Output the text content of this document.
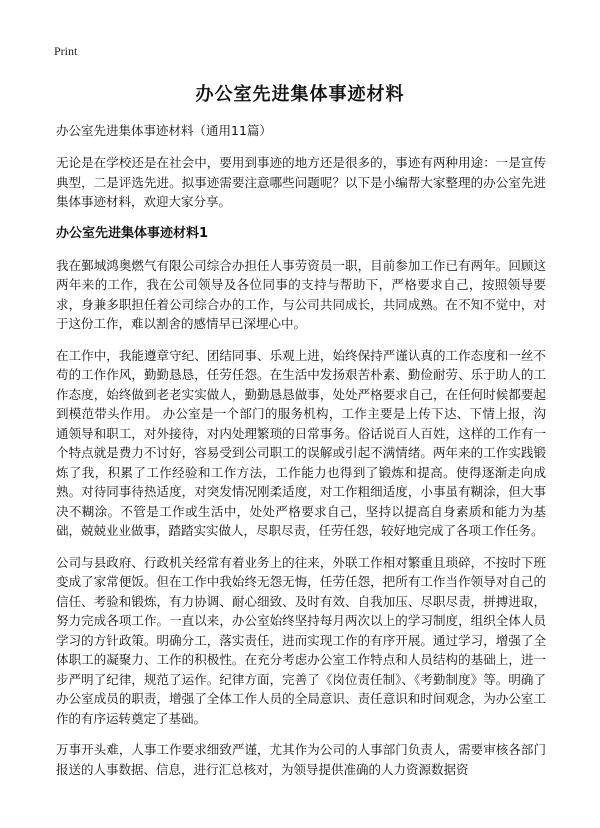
Print
办公室先进集体事迹材料

办公室先进集体事迹材料（通用11篇）

无论是在学校还是在社会中，要用到事迹的地方还是很多的，事迹有两种用途：一是宣传典型，二是评选先进。拟事迹需要注意哪些问题呢？以下是小编帮大家整理的办公室先进集体事迹材料，欢迎大家分享。

办公室先进集体事迹材料1

我在鄞城鸿奥燃气有限公司综合办担任人事劳资员一职，目前参加工作已有两年。回顾这两年来的工作，我在公司领导及各位同事的支持与帮助下，严格要求自己，按照领导要求，身兼多职担任着公司综合办的工作，与公司共同成长，共同成熟。在不知不觉中，对于这份工作，难以割舍的感情早已深埋心中。

在工作中，我能遵章守纪、团结同事、乐观上进，始终保持严谨认真的工作态度和一丝不苟的工作作风，勤勤恳恳，任劳任怨。在生活中发扬艰苦朴素、勤俭耐劳、乐于助人的工作态度，始终做到老老实实做人，勤勤恳恳做事，处处严格要求自己，在任何时候都要起到模范带头作用。 办公室是一个部门的服务机构，工作主要是上传下达、下情上报，沟通领导和职工，对外接待，对内处理繁琐的日常事务。俗话说百人百姓，这样的工作有一个特点就是费力不讨好，容易受到公司职工的误解或引起不满情绪。两年来的工作实践锻炼了我，积累了工作经验和工作方法，工作能力也得到了锻炼和提高。使得逐渐走向成熟。对待同事待热适度，对突发情况刚柔适度，对工作粗细适度，小事虽有糊涂，但大事决不糊涂。不管是工作或生活中，处处严格要求自己，坚持以提高自身素质和能力为基础，兢兢业业做事，踏踏实实做人，尽职尽责，任劳任怨，较好地完成了各项工作任务。

公司与县政府、行政机关经常有着业务上的往来，外联工作相对繁重且琐碎，不按时下班变成了家常便饭。但在工作中我始终无怨无悔，任劳任怨，把所有工作当作领导对自己的信任、考验和锻炼，有力协调、耐心细致、及时有效、自我加压、尽职尽责，拼搏进取，努力完成各项工作。一直以来，办公室始终坚持每月两次以上的学习制度，组织全体人员学习的方针政策。明确分工，落实责任，进而实现工作的有序开展。通过学习，增强了全体职工的凝聚力、工作的积极性。在充分考虑办公室工作特点和人员结构的基础上，进一步严明了纪律，规范了运作。纪律方面，完善了《岗位责任制》、《考勤制度》等。明确了办公室成员的职责，增强了全体工作人员的全局意识、责任意识和时间观念，为办公室工作的有序运转奠定了基础。

万事开头难，人事工作要求细致严谨，尤其作为公司的人事部门负责人，需要审核各部门报送的人事数据、信息，进行汇总核对，为领导提供准确的人力资源数据资
